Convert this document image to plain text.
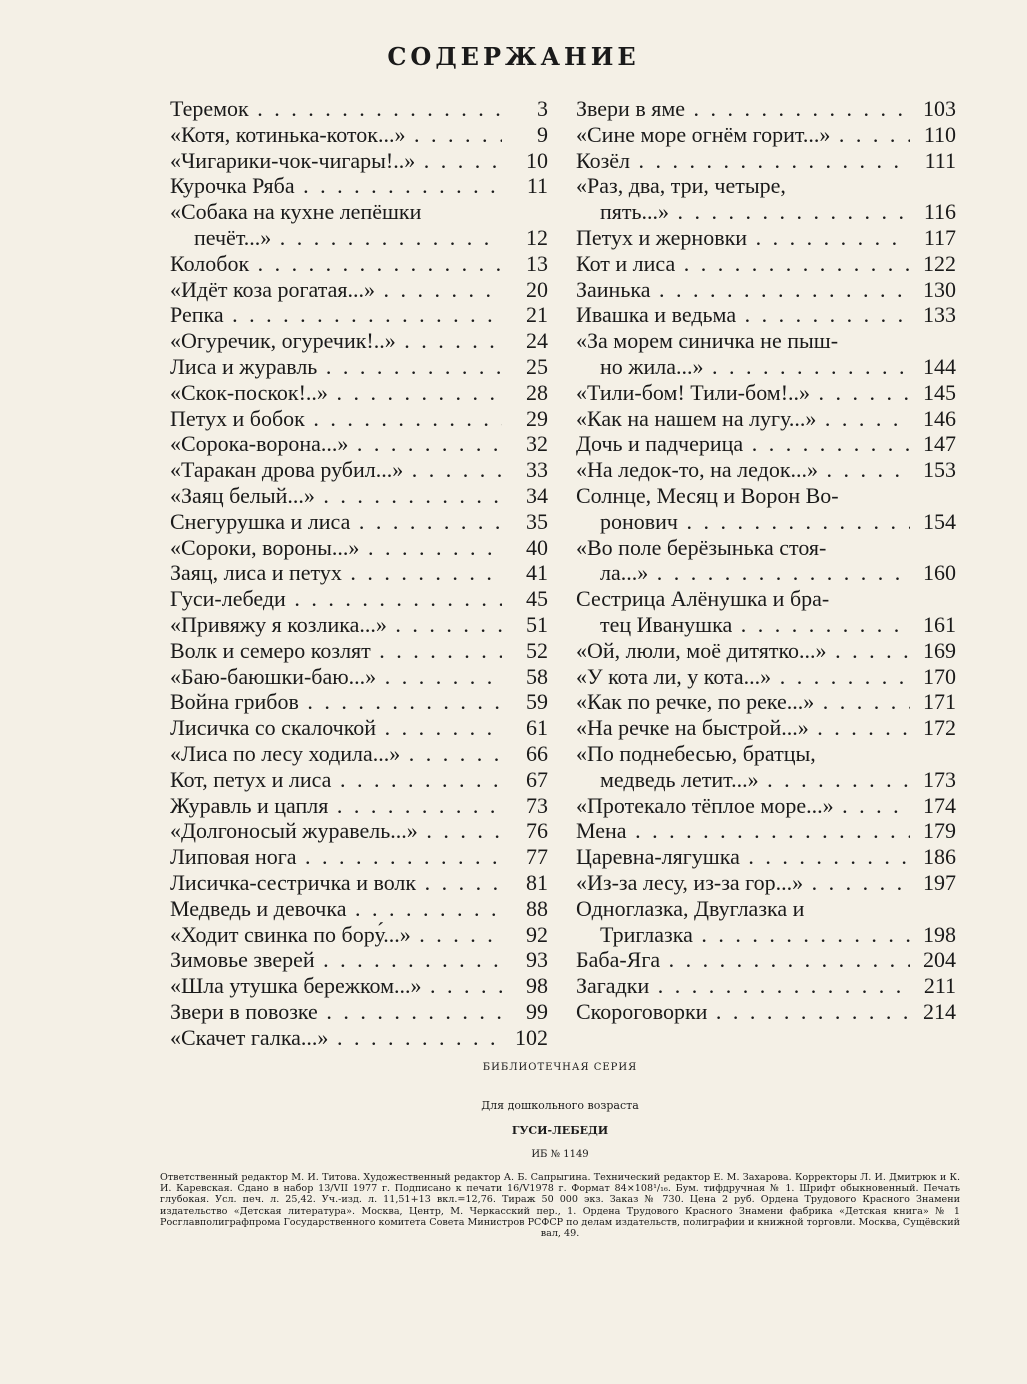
СОДЕРЖАНИЕ
Теремок . . .	3
«Котя, котинька-коток...» . . .	9
«Чигарики-чок-чигары!..» . . .	10
Курочка Ряба . . .	11
«Собака на кухне лепёшки
печёт...» . . .	12
Колобок . . .	13
«Идёт коза рогатая...» . . .	20
Репка . . .	21
«Огуречик, огуречик!..» . . .	24
Лиса и журавль . . .	25
«Скок-поскок!..» . . .	28
Петух и бобок . . .	29
«Сорока-ворона...» . . .	32
«Таракан дрова рубил...» . . .	33
«Заяц белый...» . . .	34
Снегурушка и лиса . . .	35
«Сороки, вороны...» . . .	40
Заяц, лиса и петух . . .	41
Гуси-лебеди . . .	45
«Привяжу я козлика...» . . .	51
Волк и семеро козлят . . .	52
«Баю-баюшки-баю...» . . .	58
Война грибов . . .	59
Лисичка со скалочкой . . .	61
«Лиса по лесу ходила...» . . .	66
Кот, петух и лиса . . .	67
Журавль и цапля . . .	73
«Долгоносый журавель...» . . .	76
Липовая нога . . .	77
Лисичка-сестричка и волк . . .	81
Медведь и девочка . . .	88
«Ходит свинка по бору́...» . . .	92
Зимовье зверей . . .	93
«Шла утушка бережком...» . . .	98
Звери в повозке . . .	99
«Скачет галка...» . . .	102
Звери в яме . . .	103
«Сине море огнём горит...» . . .	110
Козёл . . .	111
«Раз, два, три, четыре,
пять...» . . .	116
Петух и жерновки . . .	117
Кот и лиса . . .	122
Заинька . . .	130
Ивашка и ведьма . . .	133
«За морем синичка не пыш-
но жила...» . . .	144
«Тили-бом! Тили-бом!..» . . .	145
«Как на нашем на лугу...» . . .	146
Дочь и падчерица . . .	147
«На ледок-то, на ледок...» . . .	153
Солнце, Месяц и Ворон Во-
ронович . . .	154
«Во поле берёзынька стоя-
ла...» . . .	160
Сестрица Алёнушка и бра-
тец Иванушка . . .	161
«Ой, люли, моё дитятко...» . . .	169
«У кота ли, у кота...» . . .	170
«Как по речке, по реке...» . . .	171
«На речке на быстрой...» . . .	172
«По поднебесью, братцы,
медведь летит...» . . .	173
«Протекало тёплое море...» . . .	174
Мена . . .	179
Царевна-лягушка . . .	186
«Из-за лесу, из-за гор...» . . .	197
Одноглазка, Двуглазка и
Триглазка . . .	198
Баба-Яга . . .	204
Загадки . . .	211
Скороговорки . . .	214
БИБЛИОТЕЧНАЯ СЕРИЯ
Для дошкольного возраста
ГУСИ-ЛЕБЕДИ
ИБ № 1149
Ответственный редактор М. И. Титова. Художественный редактор А. Б. Сапрыгина. Технический редактор Е. М. Захарова. Корректоры Л. И. Дмитрюк и К. И. Каревская. Сдано в набор 13/VII 1977 г. Подписано к печати 16/V1978 г. Формат 84×108¹/₁₆. Бум. тифдручная № 1. Шрифт обыкновенный. Печать глубокая. Усл. печ. л. 25,42. Уч.-изд. л. 11,51+13 вкл.=12,76. Тираж 50 000 экз. Заказ № 730. Цена 2 руб. Ордена Трудового Красного Знамени издательство «Детская литература». Москва, Центр, М. Черкасский пер., 1. Ордена Трудового Красного Знамени фабрика «Детская книга» № 1 Росглавполиграфпрома Государственного комитета Совета Министров РСФСР по делам издательств, полиграфии и книжной торговли. Москва, Сущёвский вал, 49.
